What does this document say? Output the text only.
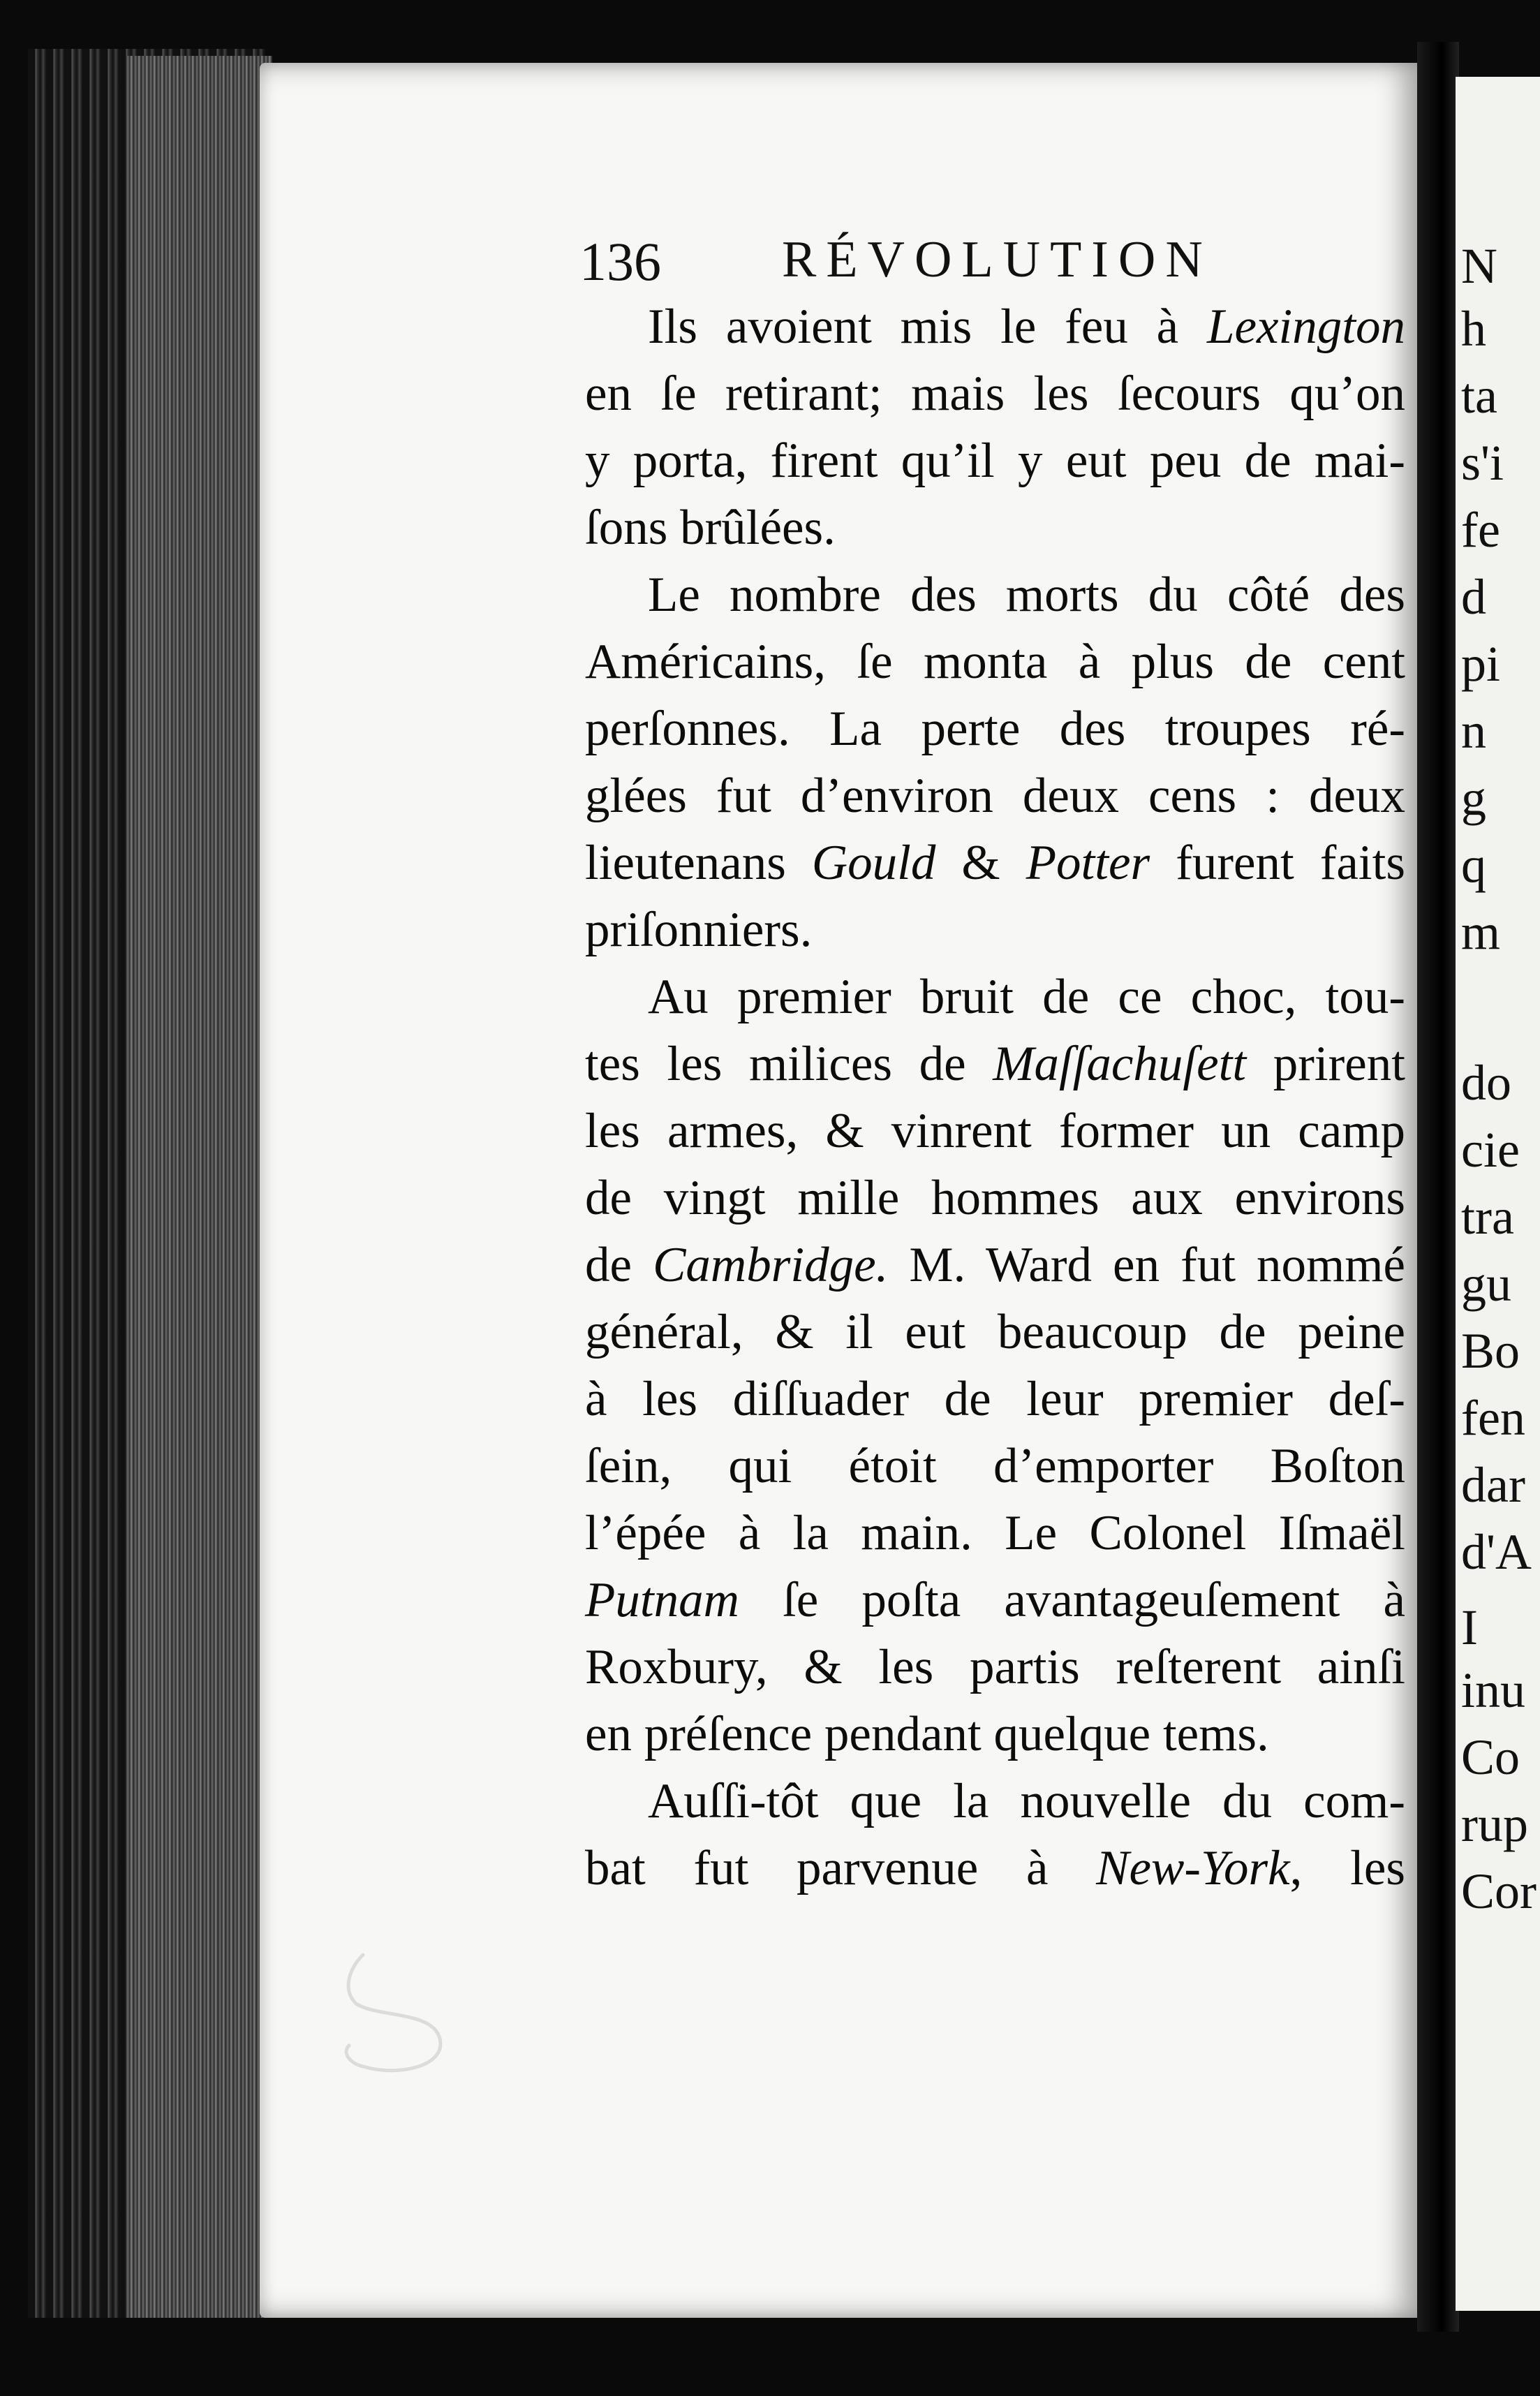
136 RÉVOLUTION
Ils avoient mis le feu à Lexington
en ſe retirant; mais les ſecours qu’on
y porta, firent qu’il y eut peu de mai-
ſons brûlées.
Le nombre des morts du côté des
Américains, ſe monta à plus de cent
perſonnes. La perte des troupes ré-
glées fut d’environ deux cens : deux
lieutenans Gould & Potter furent faits
priſonniers.
Au premier bruit de ce choc, tou-
tes les milices de Maſſachuſett prirent
les armes, & vinrent former un camp
de vingt mille hommes aux environs
de Cambridge. M. Ward en fut nommé
général, & il eut beaucoup de peine
à les diſſuader de leur premier deſ-
ſein, qui étoit d’emporter Boſton
l’épée à la main. Le Colonel Iſmaël
Putnam ſe poſta avantageuſement à
Roxbury, & les partis reſterent ainſi
en préſence pendant quelque tems.
Auſſi-tôt que la nouvelle du com-
bat fut parvenue à New-York, les
N
h
ta
s'i
fe
d
pi
n
g
q
m
do
cie
tra
gu
Bo
fen
dar
d'A
I
inu
Co
rup
Cor
